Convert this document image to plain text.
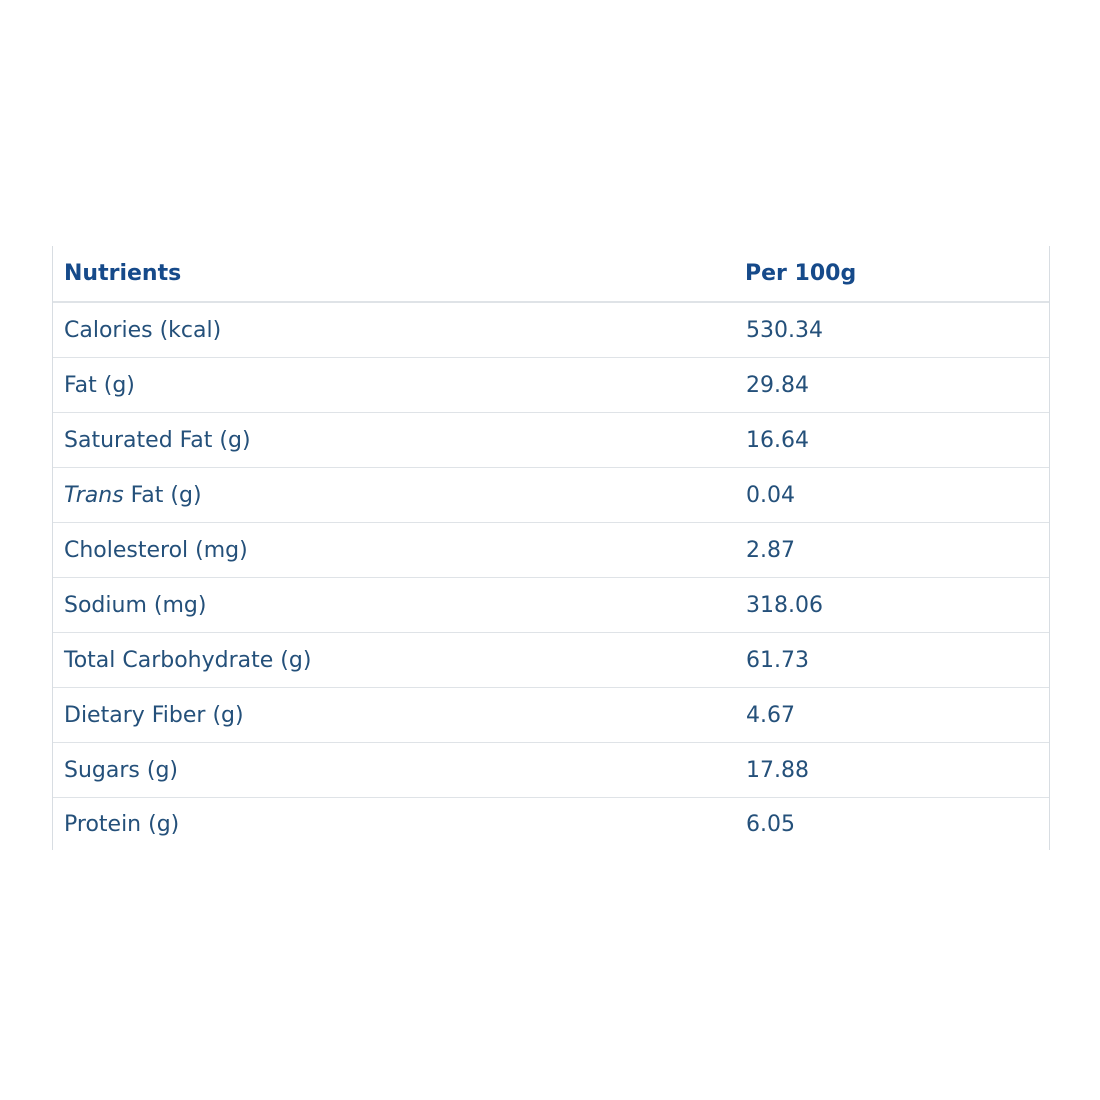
Nutrients	Per 100g
Calories (kcal)	530.34
Fat (g)	29.84
Saturated Fat (g)	16.64
Trans Fat (g)	0.04
Cholesterol (mg)	2.87
Sodium (mg)	318.06
Total Carbohydrate (g)	61.73
Dietary Fiber (g)	4.67
Sugars (g)	17.88
Protein (g)	6.05
